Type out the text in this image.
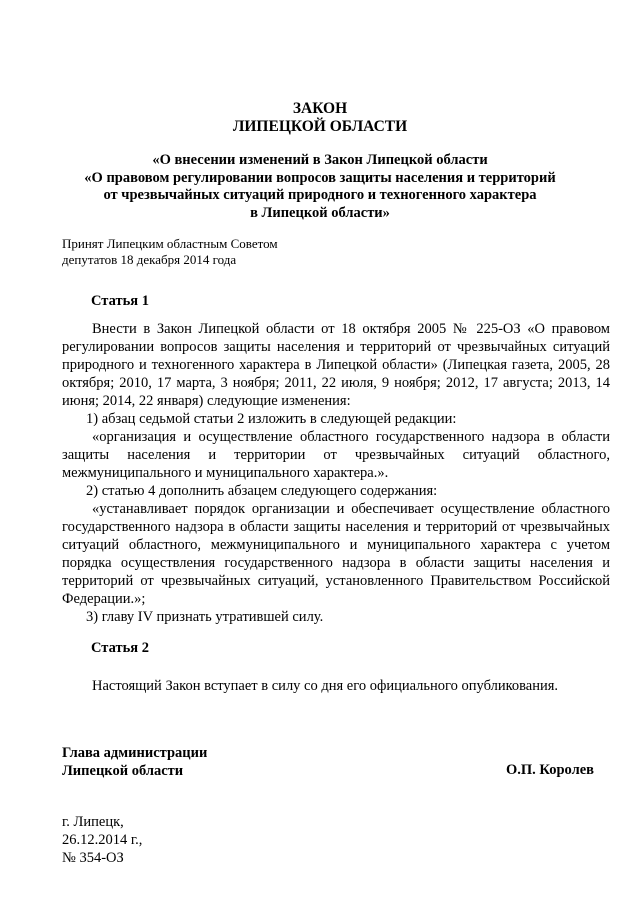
ЗАКОН
ЛИПЕЦКОЙ ОБЛАСТИ
«О внесении изменений в Закон Липецкой области
«О правовом регулировании вопросов защиты населения и территорий
от чрезвычайных ситуаций природного и техногенного характера
в Липецкой области»
Принят Липецким областным Советом
депутатов 18 декабря 2014 года
Статья 1

Внести в Закон Липецкой области от 18 октября 2005 № 225-ОЗ «О правовом регулировании вопросов защиты населения и территорий от чрезвычайных ситуаций природного и техногенного характера в Липецкой области» (Липецкая газета, 2005, 28 октября; 2010, 17 марта, 3 ноября; 2011, 22 июля, 9 ноября; 2012, 17 августа; 2013, 14 июня; 2014, 22 января) следующие изменения:

1) абзац седьмой статьи 2 изложить в следующей редакции:

«организация и осуществление областного государственного надзора в области защиты населения и территории от чрезвычайных ситуаций областного, межмуниципального и муниципального характера.».

2) статью 4 дополнить абзацем следующего содержания:

«устанавливает порядок организации и обеспечивает осуществление областного государственного надзора в области защиты населения и территорий от чрезвычайных ситуаций областного, межмуниципального и муниципального характера с учетом порядка осуществления государственного надзора в области защиты населения и территорий от чрезвычайных ситуаций, установленного Правительством Российской Федерации.»;

3) главу IV признать утратившей силу.

Статья 2

Настоящий Закон вступает в силу со дня его официального опубликования.

Глава администрации
Липецкой области	О.П. Королев
г. Липецк,
26.12.2014 г.,
№ 354-ОЗ
